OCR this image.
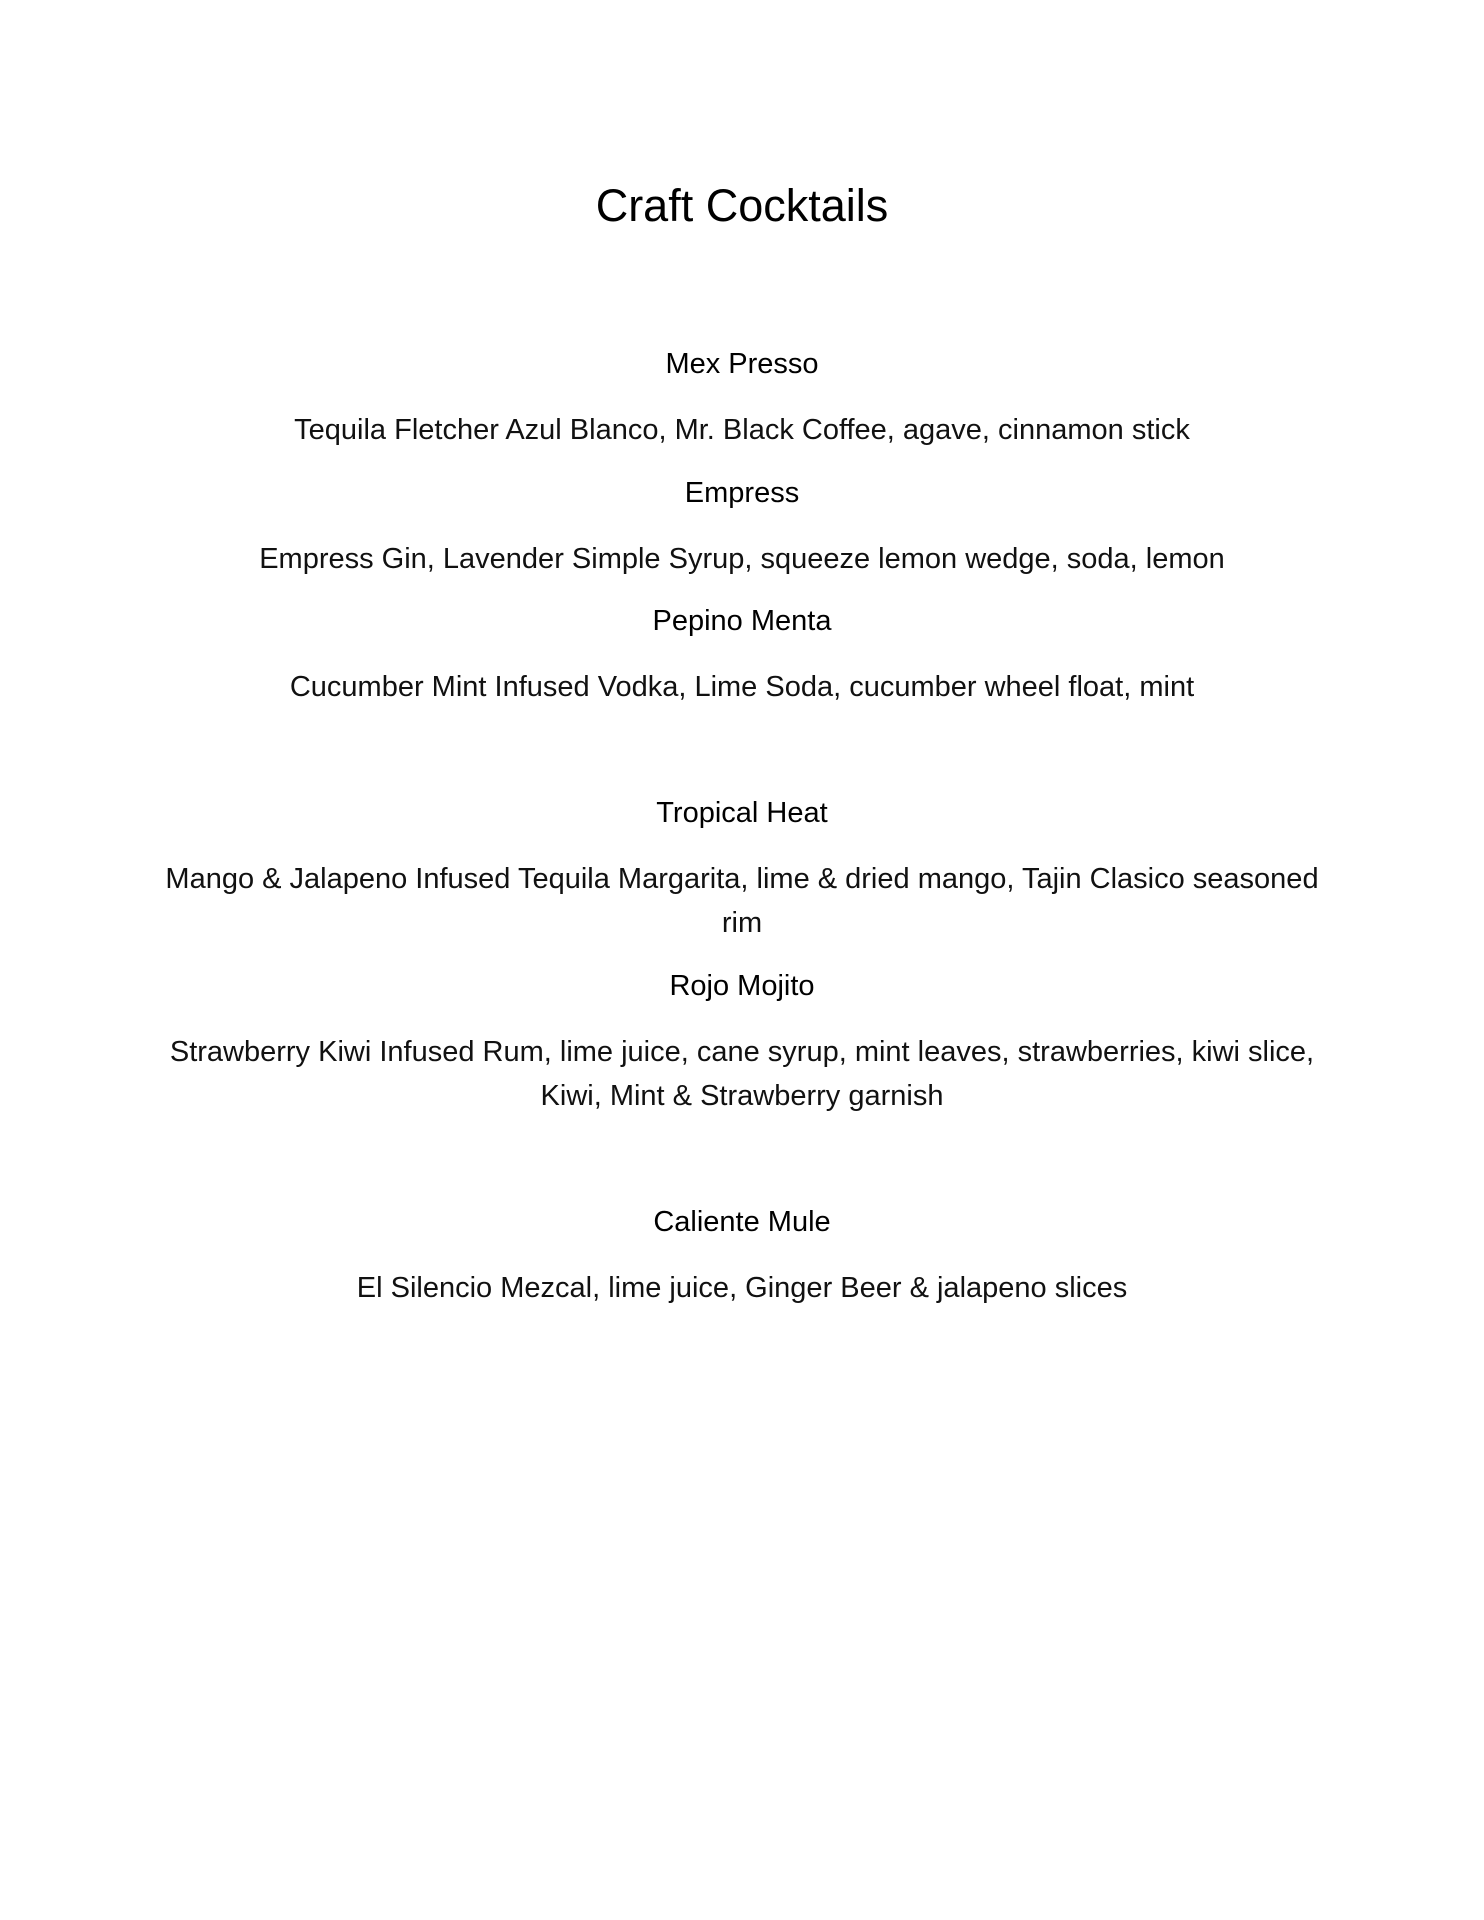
Craft Cocktails

Mex Presso

Tequila Fletcher Azul Blanco, Mr. Black Coffee, agave, cinnamon stick

Empress

Empress Gin, Lavender Simple Syrup, squeeze lemon wedge, soda, lemon

Pepino Menta

Cucumber Mint Infused Vodka, Lime Soda, cucumber wheel float, mint

Tropical Heat

Mango & Jalapeno Infused Tequila Margarita, lime & dried mango, Tajin Clasico seasoned rim

Rojo Mojito

Strawberry Kiwi Infused Rum, lime juice, cane syrup, mint leaves, strawberries, kiwi slice, Kiwi, Mint & Strawberry garnish

Caliente Mule

El Silencio Mezcal, lime juice, Ginger Beer & jalapeno slices
